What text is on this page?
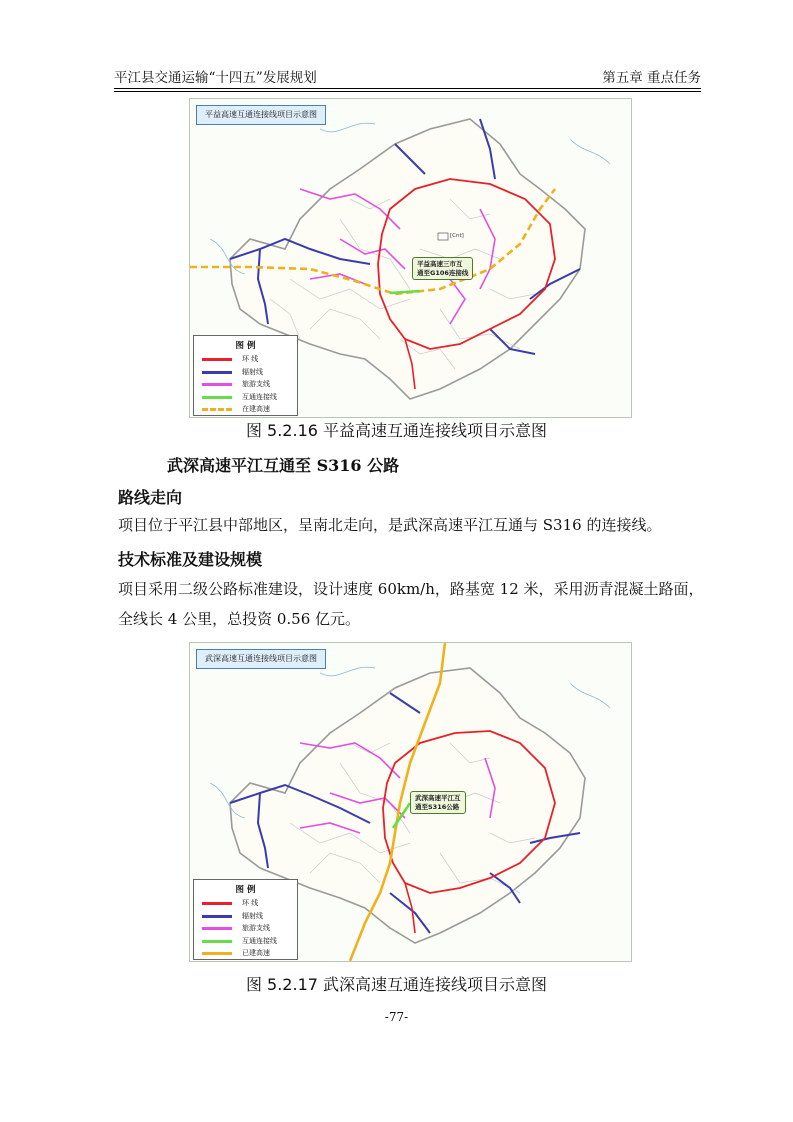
平江县交通运输“十四五”发展规划	第五章 重点任务
平益高速互通连接线项目示意图
平益高速三市互
通至G106连接线
[Cnt]
图 例
环 线
辐射线
旅游支线
互通连接线
在建高速
图 5.2.16 平益高速互通连接线项目示意图
武深高速平江互通至 S316 公路
路线走向
项目位于平江县中部地区，呈南北走向，是武深高速平江互通与 S316 的连接线。
技术标准及建设规模
项目采用二级公路标准建设，设计速度 60km/h，路基宽 12 米，采用沥青混凝土路面，全线长 4 公里，总投资 0.56 亿元。
武深高速互通连接线项目示意图
武深高速平江互
通至S316公路
图 例
环 线
辐射线
旅游支线
互通连接线
已建高速
图 5.2.17 武深高速互通连接线项目示意图
-77-
